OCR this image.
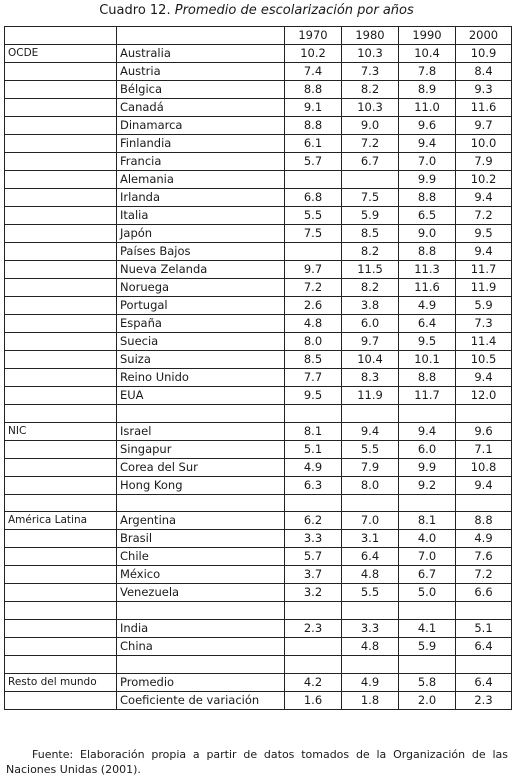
Cuadro 12. Promedio de escolarización por años
		1970	1980	1990	2000
OCDE	Australia	10.2	10.3	10.4	10.9
	Austria	7.4	7.3	7.8	8.4
	Bélgica	8.8	8.2	8.9	9.3
	Canadá	9.1	10.3	11.0	11.6
	Dinamarca	8.8	9.0	9.6	9.7
	Finlandia	6.1	7.2	9.4	10.0
	Francia	5.7	6.7	7.0	7.9
	Alemania			9.9	10.2
	Irlanda	6.8	7.5	8.8	9.4
	Italia	5.5	5.9	6.5	7.2
	Japón	7.5	8.5	9.0	9.5
	Países Bajos		8.2	8.8	9.4
	Nueva Zelanda	9.7	11.5	11.3	11.7
	Noruega	7.2	8.2	11.6	11.9
	Portugal	2.6	3.8	4.9	5.9
	España	4.8	6.0	6.4	7.3
	Suecia	8.0	9.7	9.5	11.4
	Suiza	8.5	10.4	10.1	10.5
	Reino Unido	7.7	8.3	8.8	9.4
	EUA	9.5	11.9	11.7	12.0

NIC	Israel	8.1	9.4	9.4	9.6
	Singapur	5.1	5.5	6.0	7.1
	Corea del Sur	4.9	7.9	9.9	10.8
	Hong Kong	6.3	8.0	9.2	9.4

América Latina	Argentina	6.2	7.0	8.1	8.8
	Brasil	3.3	3.1	4.0	4.9
	Chile	5.7	6.4	7.0	7.6
	México	3.7	4.8	6.7	7.2
	Venezuela	3.2	5.5	5.0	6.6

	India	2.3	3.3	4.1	5.1
	China		4.8	5.9	6.4

Resto del mundo	Promedio	4.2	4.9	5.8	6.4
	Coeficiente de variación	1.6	1.8	2.0	2.3
Fuente: Elaboración propia a partir de datos tomados de la Organización de las Naciones Unidas (2001).
